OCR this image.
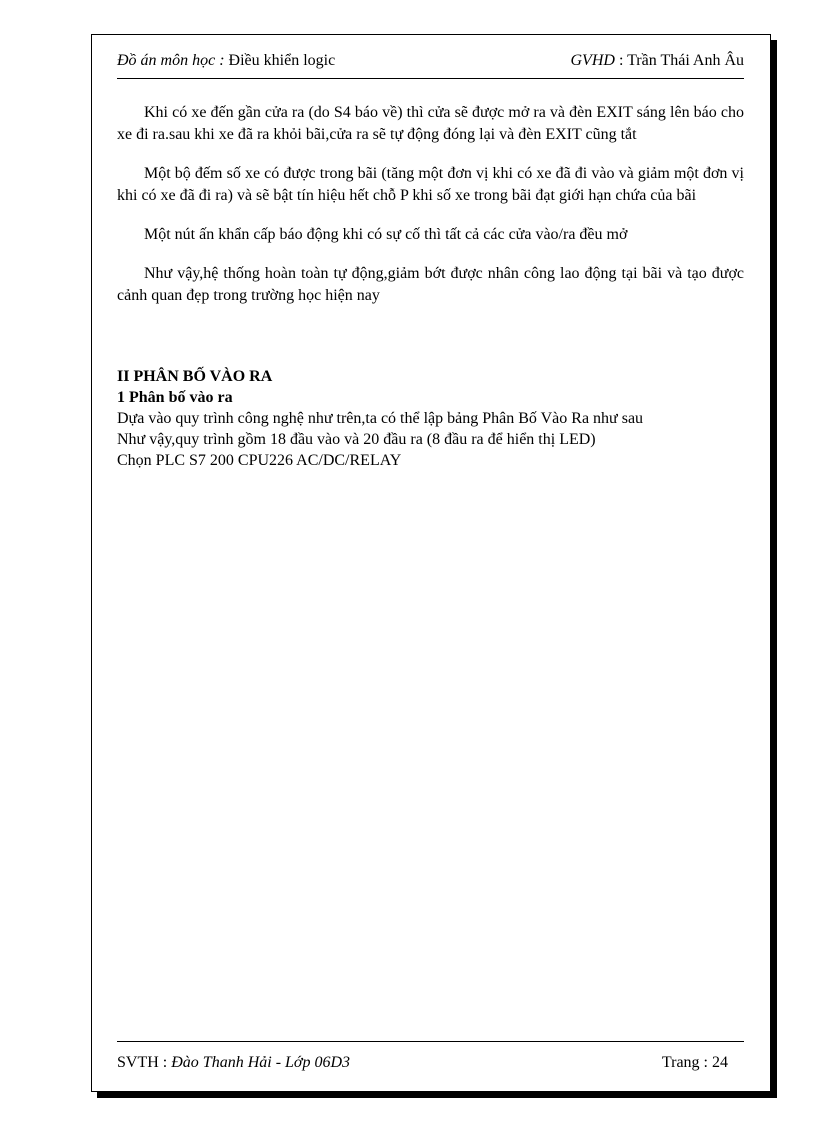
Đồ án môn học : Điều khiển logic	GVHD : Trần Thái Anh Âu

Khi có xe đến gần cửa ra (do S4 báo về) thì cửa sẽ được mở ra và đèn EXIT sáng lên báo cho xe đi ra.sau khi xe đã ra khỏi bãi,cửa ra sẽ tự động đóng lại và đèn EXIT cũng tắt

Một bộ đếm số xe có được trong bãi (tăng một đơn vị khi có xe đã đi vào và giảm một đơn vị khi có xe đã đi ra) và sẽ bật tín hiệu hết chỗ P khi số xe trong bãi đạt giới hạn chứa của bãi

Một nút ấn khẩn cấp báo động khi có sự cố thì tất cả các cửa vào/ra đều mở

Như vậy,hệ thống hoàn toàn tự động,giảm bớt được nhân công lao động tại bãi và tạo được cảnh quan đẹp trong trường học hiện nay

II PHÂN BỐ VÀO RA
1 Phân bố vào ra

Dựa vào quy trình công nghệ như trên,ta có thể lập bảng Phân Bố Vào Ra như sau

Như vậy,quy trình gồm 18 đầu vào và 20 đầu ra (8 đầu ra để hiển thị LED)

Chọn PLC S7 200 CPU226 AC/DC/RELAY

SVTH : Đào Thanh Hải - Lớp 06D3	Trang : 24
